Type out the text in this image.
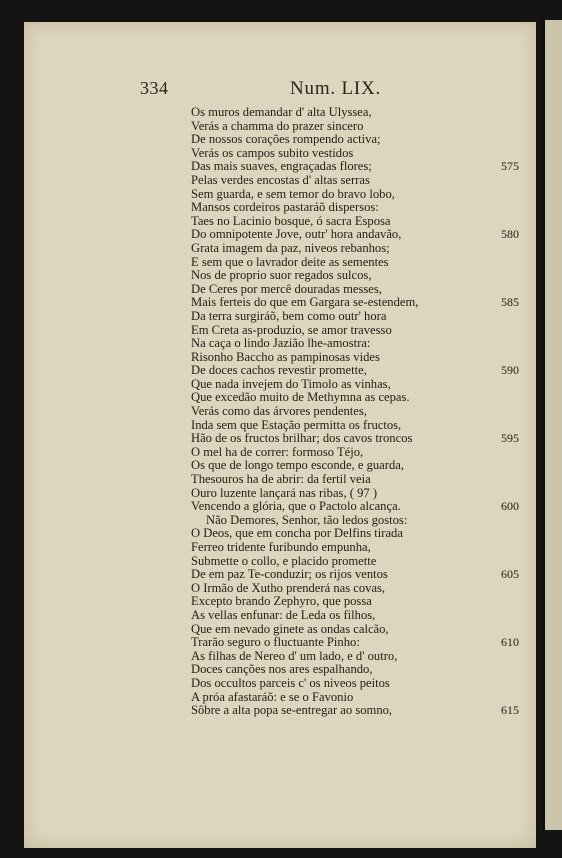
334	Num. LIX.
Os muros demandar d' alta Ulyssea,
Verás a chamma do prazer sincero
De nossos corações rompendo activa;
Verás os campos subito vestidos
Das mais suaves, engraçadas flores;	575
Pelas verdes encostas d' altas serras
Sem guarda, e sem temor do bravo lobo,
Mansos cordeiros pastaráõ dispersos:
Taes no Lacinio bosque, ó sacra Esposa
Do omnipotente Jove, outr' hora andavão,	580
Grata imagem da paz, niveos rebanhos;
E sem que o lavrador deite as sementes
Nos de proprio suor regados sulcos,
De Ceres por mercê douradas messes,
Mais ferteis do que em Gargara se-estendem,	585
Da terra surgiráõ, bem como outr' hora
Em Creta as-produzio, se amor travesso
Na caça o lindo Jazião lhe-amostra:
Risonho Baccho as pampinosas vides
De doces cachos revestir promette,	590
Que nada invejem do Timolo as vinhas,
Que excedão muito de Methymna as cepas.
Verás como das árvores pendentes,
Inda sem que Estação permitta os fructos,
Hão de os fructos brilhar; dos cavos troncos	595
O mel ha de correr: formoso Téjo,
Os que de longo tempo esconde, e guarda,
Thesouros ha de abrir: da fertil veia
Ouro luzente lançará nas ribas, ( 97 )
Vencendo a glória, que o Pactolo alcança.	600
Não Demores, Senhor, tão ledos gostos:
O Deos, que em concha por Delfins tirada
Ferreo tridente furibundo empunha,
Submette o collo, e placido promette
De em paz Te-conduzir; os rijos ventos	605
O Irmão de Xutho prenderá nas covas,
Excepto brando Zephyro, que possa
As vellas enfunar: de Leda os filhos,
Que em nevado ginete as ondas calcão,
Trarão seguro o fluctuante Pinho:	610
As filhas de Nereo d' um lado, e d' outro,
Doces canções nos ares espalhando,
Dos occultos parceis c' os niveos peitos
A próa afastaráõ: e se o Favonio
Sôbre a alta popa se-entregar ao somno,	615
